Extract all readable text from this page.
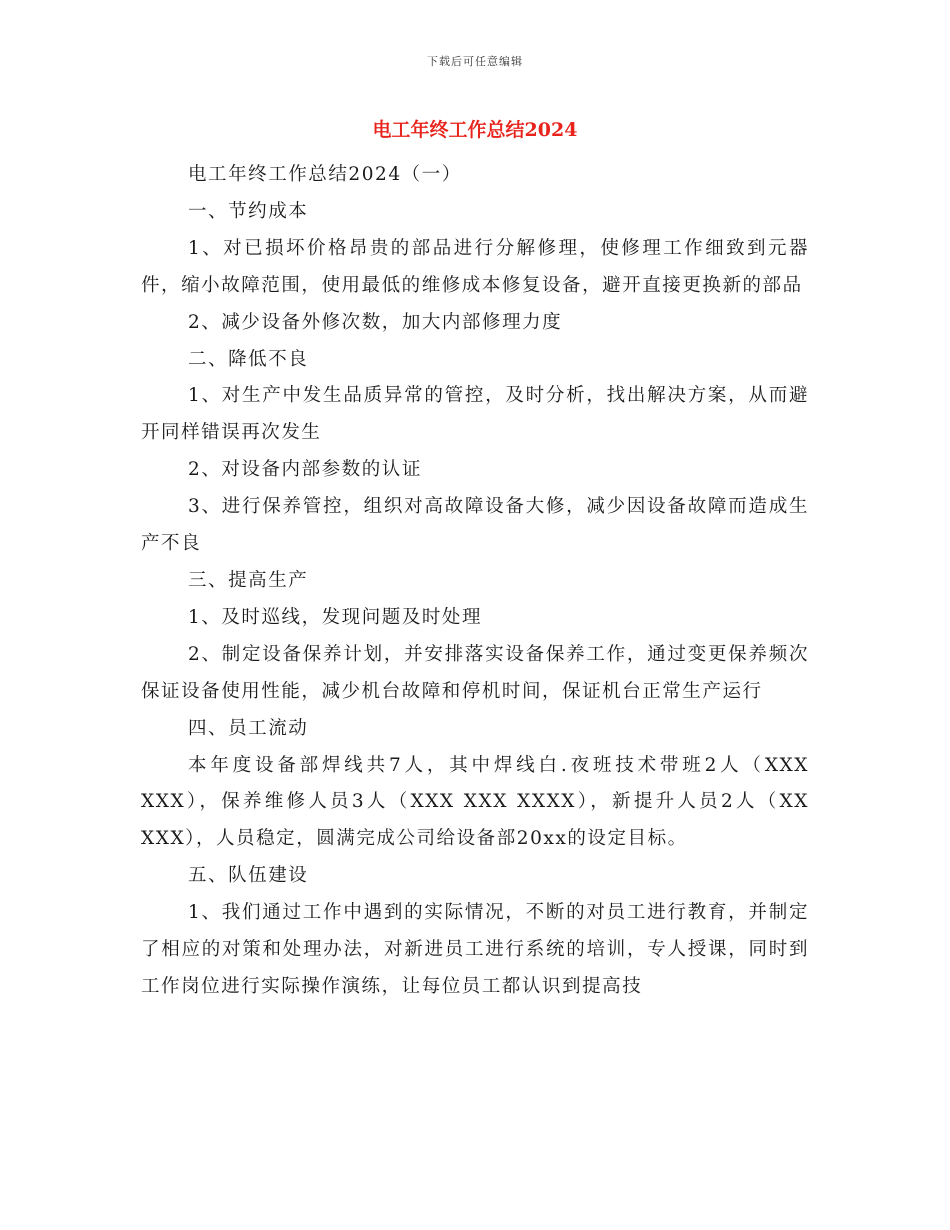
下载后可任意编辑
电工年终工作总结2024

电工年终工作总结2024（一）

一、节约成本

1、对已损坏价格昂贵的部品进行分解修理，使修理工作细致到元器件，缩小故障范围，使用最低的维修成本修复设备，避开直接更换新的部品

2、减少设备外修次数，加大内部修理力度

二、降低不良

1、对生产中发生品质异常的管控，及时分析，找出解决方案，从而避开同样错误再次发生

2、对设备内部参数的认证

3、进行保养管控，组织对高故障设备大修，减少因设备故障而造成生产不良

三、提高生产

1、及时巡线，发现问题及时处理

2、制定设备保养计划，并安排落实设备保养工作，通过变更保养频次保证设备使用性能，减少机台故障和停机时间，保证机台正常生产运行

四、员工流动

本年度设备部焊线共7人，其中焊线白.夜班技术带班2人（XXX XXX），保养维修人员3人（XXX XXX XXXX），新提升人员2人（XX XXX），人员稳定，圆满完成公司给设备部20xx的设定目标。

五、队伍建设

1、我们通过工作中遇到的实际情况，不断的对员工进行教育，并制定了相应的对策和处理办法，对新进员工进行系统的培训，专人授课，同时到工作岗位进行实际操作演练，让每位员工都认识到提高技
